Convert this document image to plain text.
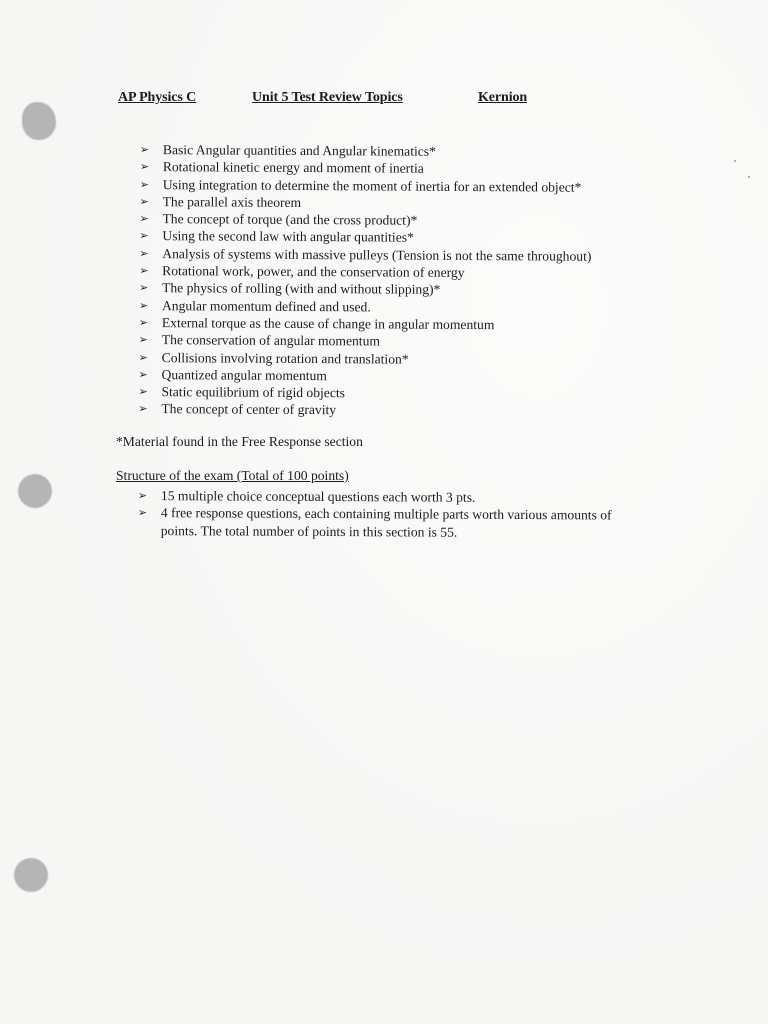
AP Physics C	Unit 5 Test Review Topics	Kernion
➢ Basic Angular quantities and Angular kinematics*
➢ Rotational kinetic energy and moment of inertia
➢ Using integration to determine the moment of inertia for an extended object*
➢ The parallel axis theorem
➢ The concept of torque (and the cross product)*
➢ Using the second law with angular quantities*
➢ Analysis of systems with massive pulleys (Tension is not the same throughout)
➢ Rotational work, power, and the conservation of energy
➢ The physics of rolling (with and without slipping)*
➢ Angular momentum defined and used.
➢ External torque as the cause of change in angular momentum
➢ The conservation of angular momentum
➢ Collisions involving rotation and translation*
➢ Quantized angular momentum
➢ Static equilibrium of rigid objects
➢ The concept of center of gravity
*Material found in the Free Response section
Structure of the exam (Total of 100 points)
➢ 15 multiple choice conceptual questions each worth 3 pts.
➢ 4 free response questions, each containing multiple parts worth various amounts of points. The total number of points in this section is 55.
